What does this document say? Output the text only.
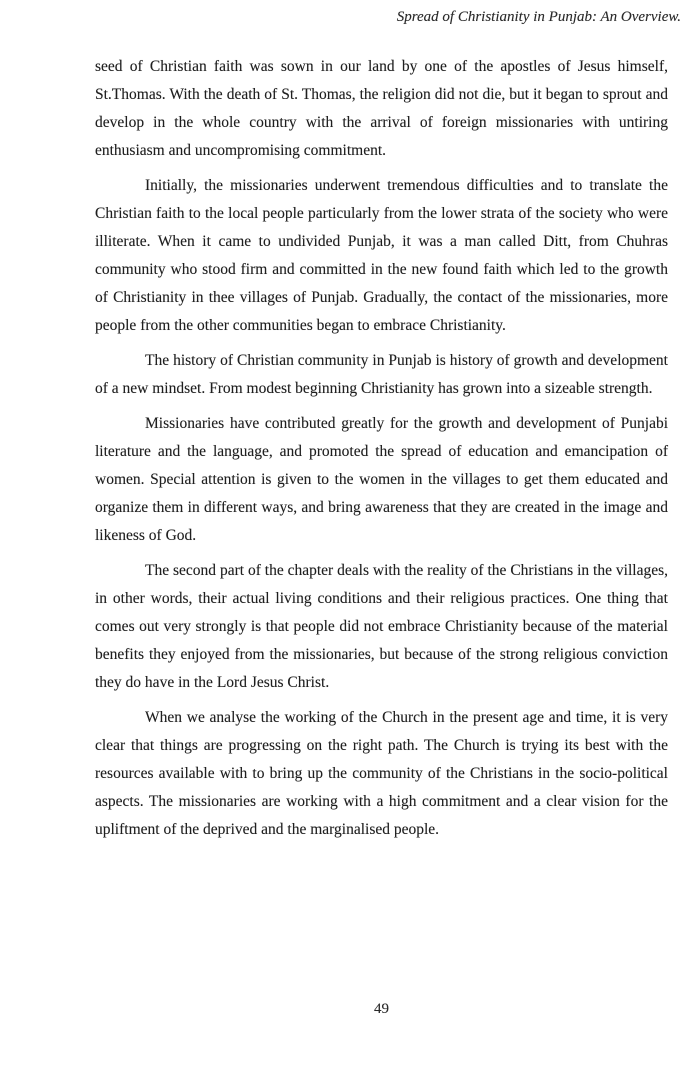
Spread of Christianity in Punjab: An Overview.

seed of Christian faith was sown in our land by one of the apostles of Jesus himself, St.Thomas. With the death of St. Thomas, the religion did not die, but it began to sprout and develop in the whole country with the arrival of foreign missionaries with untiring enthusiasm and uncompromising commitment.

Initially, the missionaries underwent tremendous difficulties and to translate the Christian faith to the local people particularly from the lower strata of the society who were illiterate. When it came to undivided Punjab, it was a man called Ditt, from Chuhras community who stood firm and committed in the new found faith which led to the growth of Christianity in thee villages of Punjab. Gradually, the contact of the missionaries, more people from the other communities began to embrace Christianity.

The history of Christian community in Punjab is history of growth and development of a new mindset. From modest beginning Christianity has grown into a sizeable strength.

Missionaries have contributed greatly for the growth and development of Punjabi literature and the language, and promoted the spread of education and emancipation of women. Special attention is given to the women in the villages to get them educated and organize them in different ways, and bring awareness that they are created in the image and likeness of God.

The second part of the chapter deals with the reality of the Christians in the villages, in other words, their actual living conditions and their religious practices. One thing that comes out very strongly is that people did not embrace Christianity because of the material benefits they enjoyed from the missionaries, but because of the strong religious conviction they do have in the Lord Jesus Christ.

When we analyse the working of the Church in the present age and time, it is very clear that things are progressing on the right path. The Church is trying its best with the resources available with to bring up the community of the Christians in the socio-political aspects. The missionaries are working with a high commitment and a clear vision for the upliftment of the deprived and the marginalised people.

49
